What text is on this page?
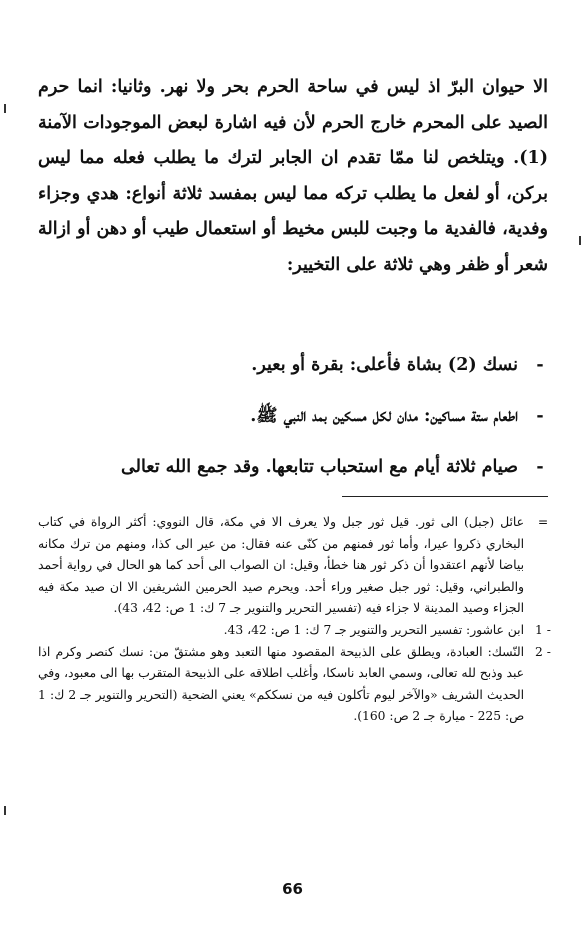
الا حيوان البرّ اذ ليس في ساحة الحرم بحر ولا نهر. وثانيا: انما حرم الصيد على المحرم خارج الحرم لأن فيه اشارة لبعض الموجودات الآمنة (1). ويتلخص لنا ممّا تقدم ان الجابر لترك ما يطلب فعله مما ليس بركن، أو لفعل ما يطلب تركه مما ليس بمفسد ثلاثة أنواع: هدي وجزاء وفدية، فالفدية ما وجبت للبس مخيط أو استعمال طيب أو دهن أو ازالة شعر أو ظفر وهي ثلاثة على التخيير:

-
نسك (2) بشاة فأعلى: بقرة أو بعير.
-
اطعام ستة مساكين: مدان لكل مسكين بمد النبي ﷺ.
-
صيام ثلاثة أيام مع استحباب تتابعها. وقد جمع الله تعالى
=
عائل (جبل) الى ثور. قيل ثور جبل ولا يعرف الا في مكة، قال النووي: أكثر الرواة في كتاب البخاري ذكروا عيرا، وأما ثور فمنهم من كنّى عنه فقال: من عير الى كذا، ومنهم من ترك مكانه بياضا لأنهم اعتقدوا أن ذكر ثور هنا خطأ، وقيل: ان الصواب الى أحد كما هو الحال في رواية أحمد والطبراني، وقيل: ثور جبل صغير وراء أحد. ويحرم صيد الحرمين الشريفين الا ان صيد مكة فيه الجزاء وصيد المدينة لا جزاء فيه (تفسير التحرير والتنوير جـ 7 ك: 1 ص: 42، 43).
1 -
ابن عاشور: تفسير التحرير والتنوير جـ 7 ك: 1 ص: 42، 43.
2 -
النّسك: العبادة، ويطلق على الذبيحة المقصود منها التعبد وهو مشتقّ من: نسك كنصر وكرم اذا عبد وذبح لله تعالى، وسمي العابد ناسكا، وأغلب اطلاقه على الذبيحة المتقرب بها الى معبود، وفي الحديث الشريف «والآخر ليوم تأكلون فيه من نسككم» يعني الضحية (التحرير والتنوير جـ 2 ك: 1 ص: 225 - ميارة جـ 2 ص: 160).
66
